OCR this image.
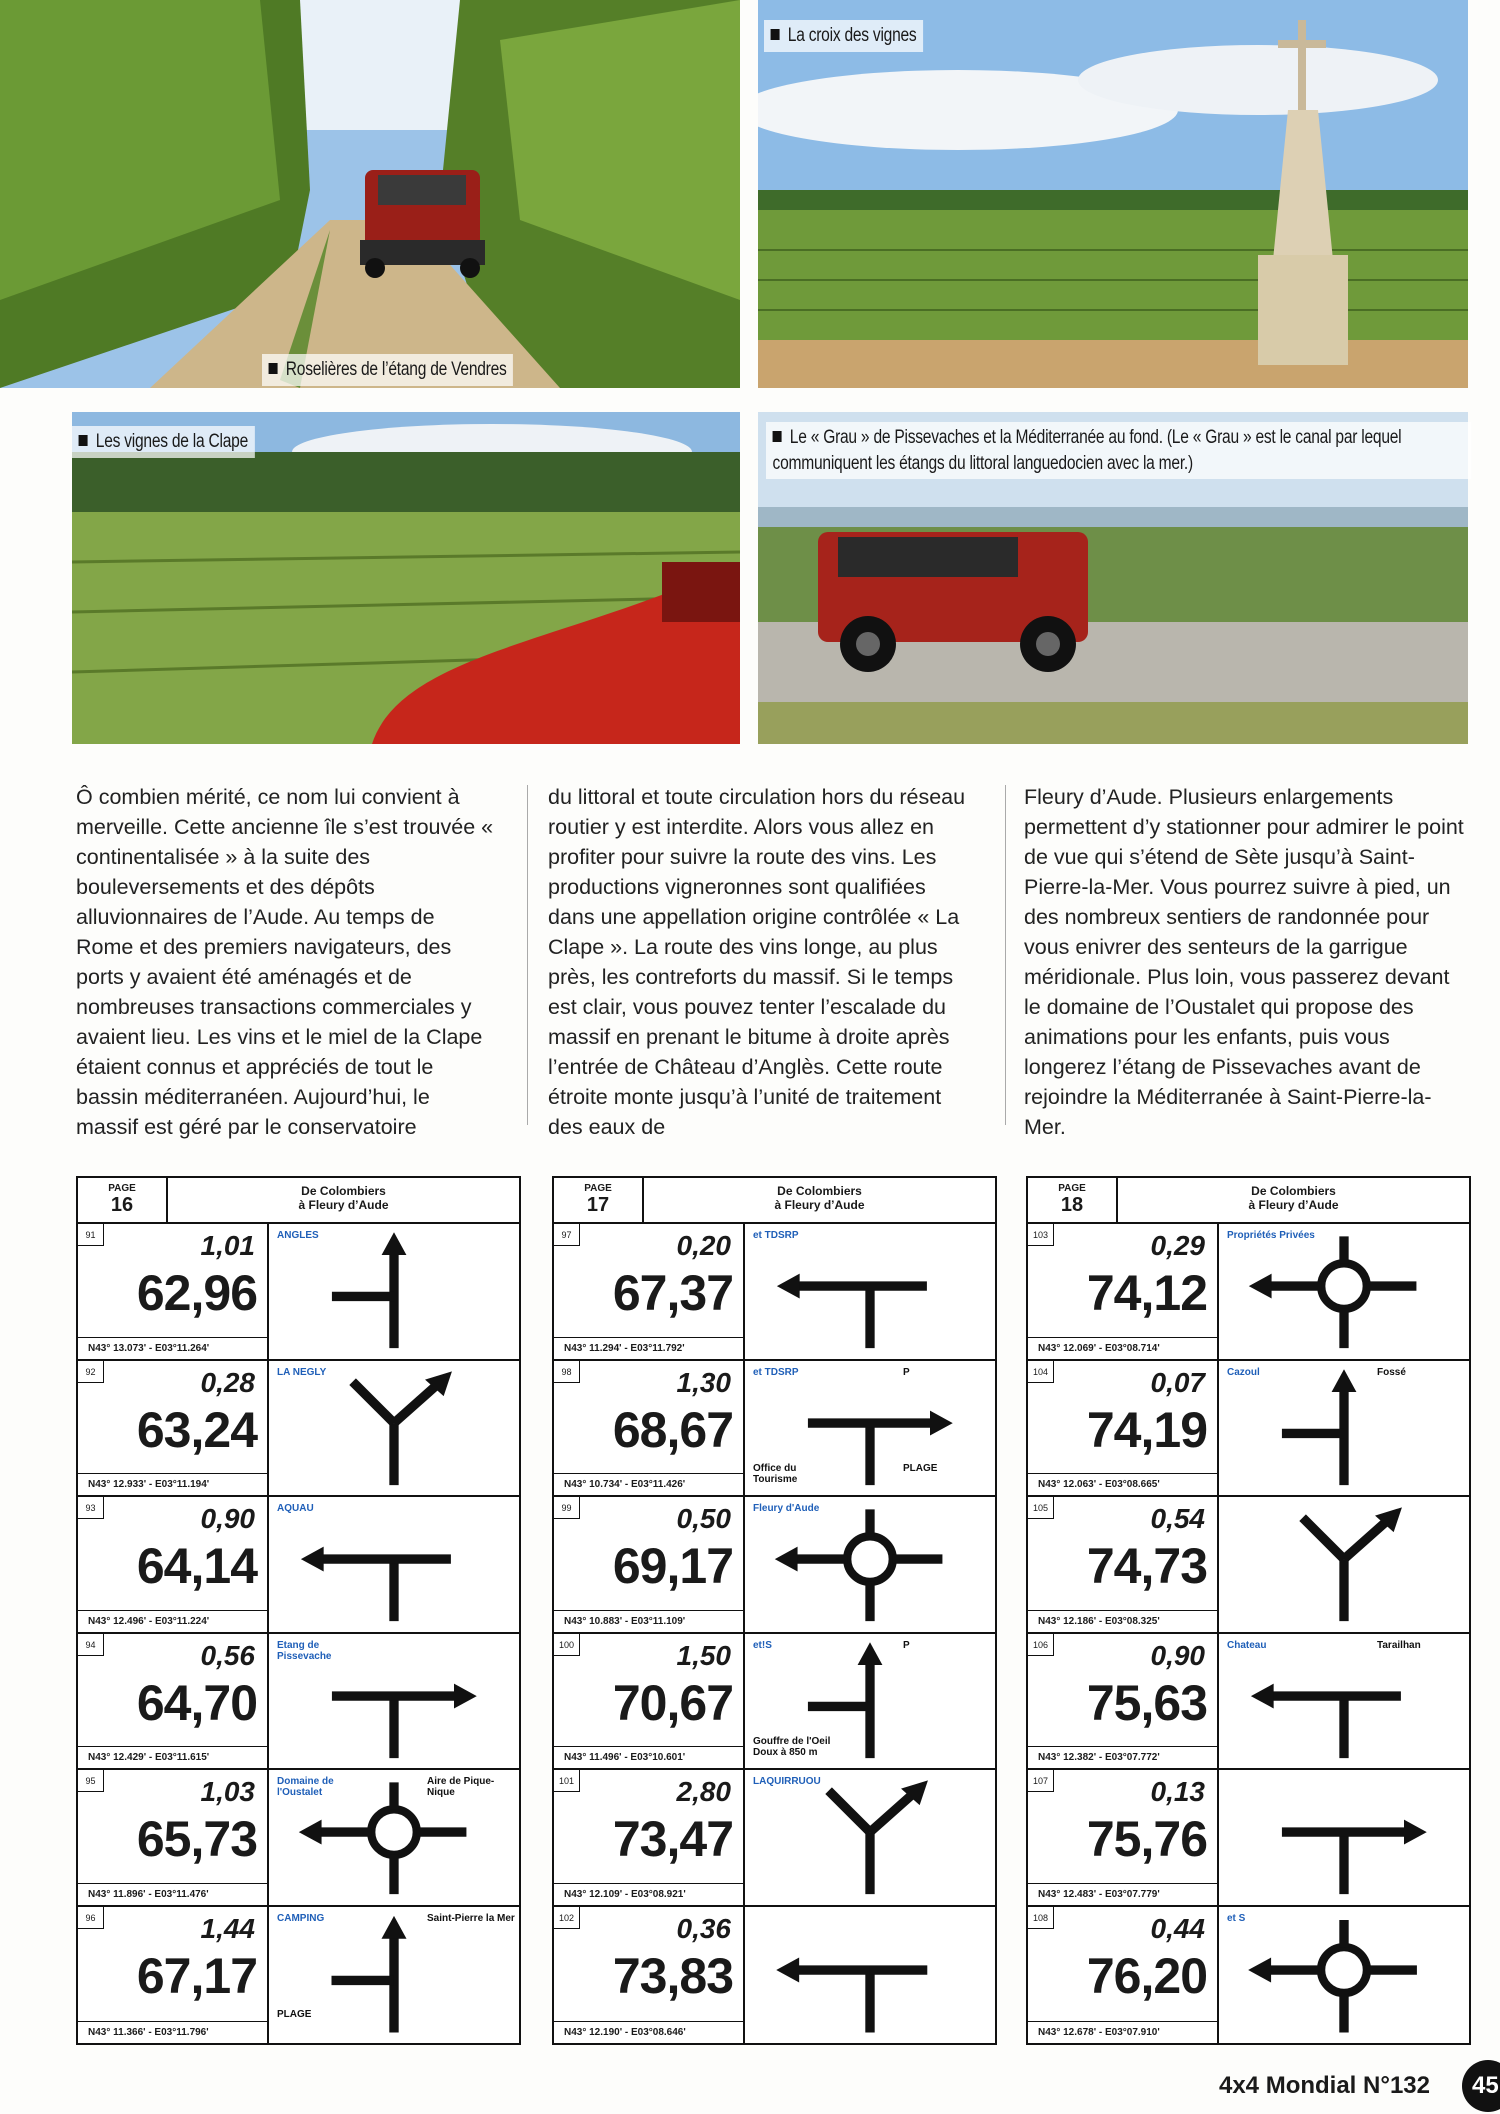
Roselières de l’étang de Vendres
La croix des vignes
Les vignes de la Clape	Le « Grau » de Pissevaches et la Méditerranée au fond. (Le « Grau » est le canal par lequel communiquent les étangs du littoral languedocien avec la mer.)
Ô combien mérité, ce nom lui convient à merveille. Cette ancienne île s’est trouvée « continentalisée » à la suite des bouleversements et des dépôts alluvionnaires de l’Aude. Au temps de Rome et des premiers navigateurs, des ports y avaient été aménagés et de nombreuses transactions commerciales y avaient lieu. Les vins et le miel de la Clape étaient connus et appréciés de tout le bassin méditerranéen. Aujourd’hui, le massif est géré par le conservatoire
du littoral et toute circulation hors du réseau routier y est interdite. Alors vous allez en profiter pour suivre la route des vins. Les productions vigneronnes sont qualifiées dans une appellation origine contrôlée « La Clape ». La route des vins longe, au plus près, les contreforts du massif. Si le temps est clair, vous pouvez tenter l’escalade du massif en prenant le bitume à droite après l’entrée de Château d’Anglès. Cette route étroite monte jusqu’à l’unité de traitement des eaux de
Fleury d’Aude. Plusieurs enlargements permettent d’y stationner pour admirer le point de vue qui s’étend de Sète jusqu’à Saint-Pierre-la-Mer. Vous pourrez suivre à pied, un des nombreux sentiers de randonnée pour vous enivrer des senteurs de la garrigue méridionale. Plus loin, vous passerez devant le domaine de l’Oustalet qui propose des animations pour les enfants, puis vous longerez l’étang de Pissevaches avant de rejoindre la Méditerranée à Saint-Pierre-la-Mer.
PAGE
16
De Colombiers
à Fleury d’Aude
91	1,01
62,96
N43° 13.073' - E03°11.264'
ANGLES
92	0,28
63,24
N43° 12.933' - E03°11.194'
LA NEGLY
93	0,90
64,14
N43° 12.496' - E03°11.224'
AQUAU
94	0,56
64,70
N43° 12.429' - E03°11.615'
Etang de Pissevache
95	1,03
65,73
N43° 11.896' - E03°11.476'
Domaine de l'Oustalet
Aire de Pique-Nique
96	1,44
67,17
N43° 11.366' - E03°11.796'
CAMPING	Saint-Pierre la Mer
PLAGE
PAGE
17
De Colombiers
à Fleury d’Aude
97	0,20
67,37
N43° 11.294' - E03°11.792'
et TDSRP
98	1,30
68,67
N43° 10.734' - E03°11.426'
et TDSRP	P
Office du Tourisme
PLAGE
99	0,50
69,17
N43° 10.883' - E03°11.109'
Fleury d'Aude
100	1,50
70,67
N43° 11.496' - E03°10.601'
et!S	P
Gouffre de l'Oeil Doux à 850 m
101	2,80
73,47
N43° 12.109' - E03°08.921'
LAQUIRRUOU
102	0,36
73,83
N43° 12.190' - E03°08.646'
PAGE
18
De Colombiers
à Fleury d’Aude
103	0,29
74,12
N43° 12.069' - E03°08.714'
Propriétés Privées
104	0,07
74,19
N43° 12.063' - E03°08.665'
Cazoul	Fossé
105	0,54
74,73
N43° 12.186' - E03°08.325'
106	0,90
75,63
N43° 12.382' - E03°07.772'
Chateau	Tarailhan
107	0,13
75,76
N43° 12.483' - E03°07.779'
108	0,44
76,20
N43° 12.678' - E03°07.910'
et S
4x4 Mondial N°132	45
